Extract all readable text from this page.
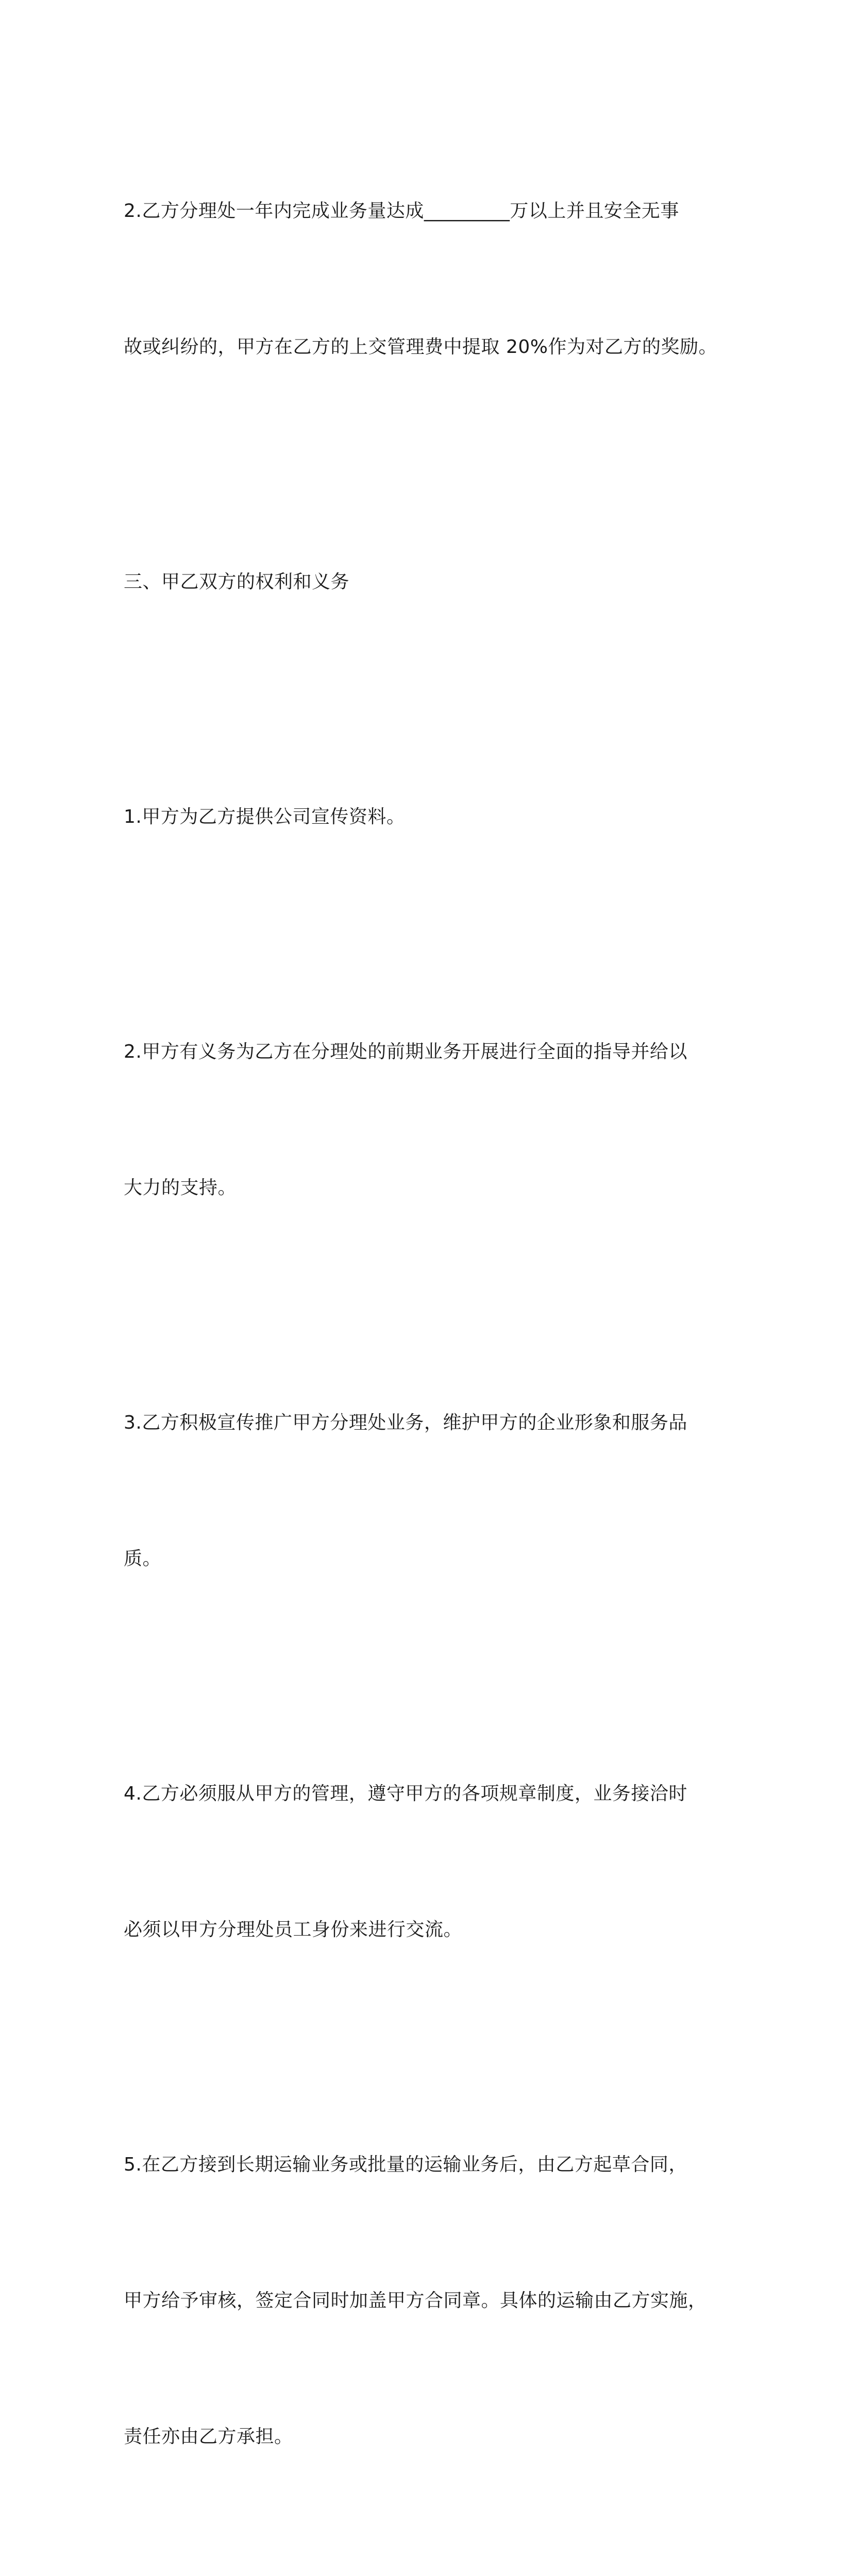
2.乙方分理处一年内完成业务量达成_________万以上并且安全无事

故或纠纷的，甲方在乙方的上交管理费中提取 20%作为对乙方的奖励。

三、甲乙双方的权利和义务

1.甲方为乙方提供公司宣传资料。

2.甲方有义务为乙方在分理处的前期业务开展进行全面的指导并给以

大力的支持。

3.乙方积极宣传推广甲方分理处业务，维护甲方的企业形象和服务品

质。

4.乙方必须服从甲方的管理，遵守甲方的各项规章制度，业务接洽时

必须以甲方分理处员工身份来进行交流。

5.在乙方接到长期运输业务或批量的运输业务后，由乙方起草合同，

甲方给予审核，签定合同时加盖甲方合同章。具体的运输由乙方实施，

责任亦由乙方承担。
